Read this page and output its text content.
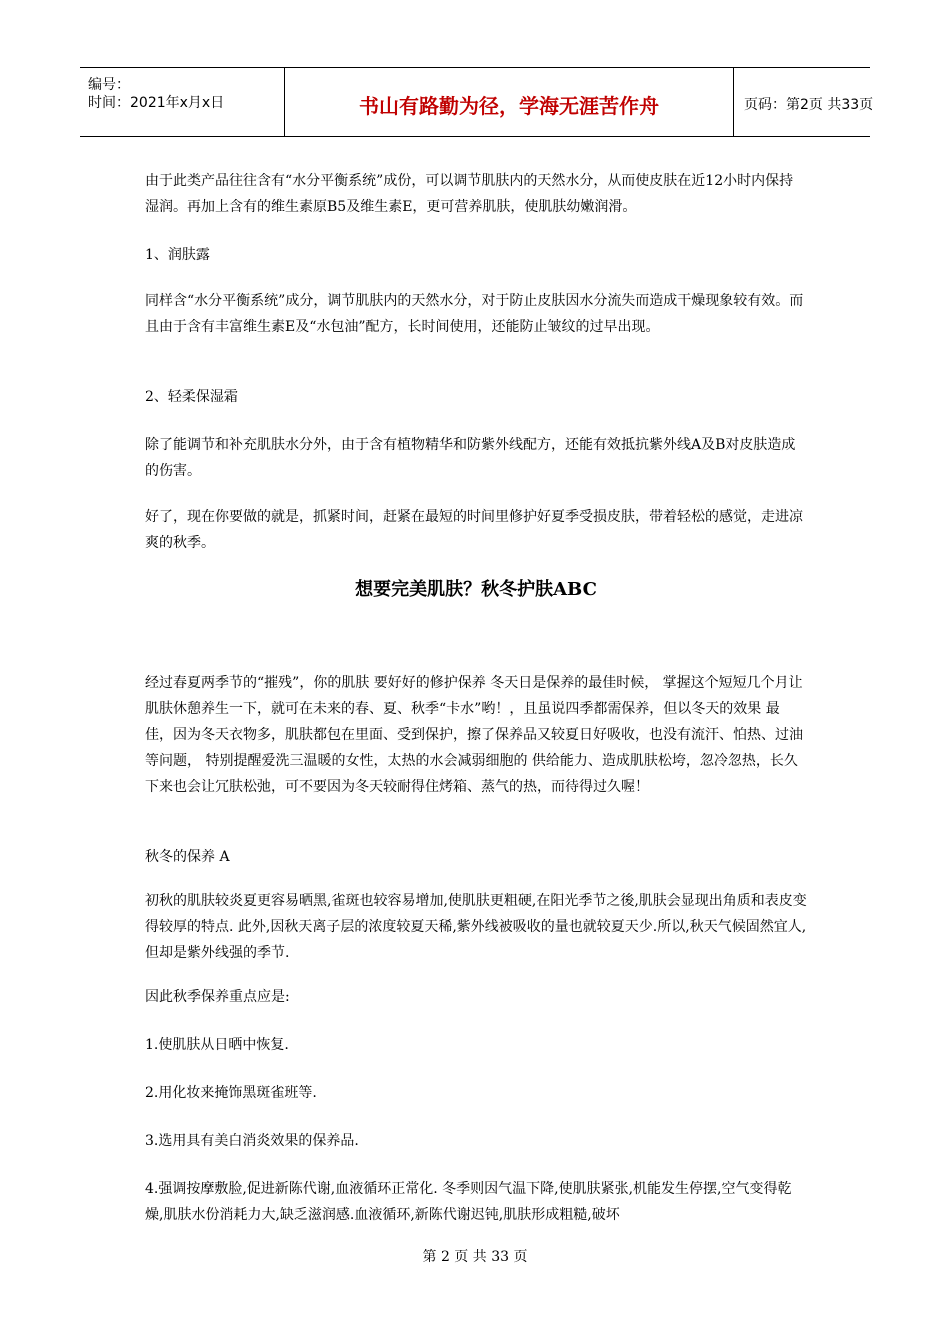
编号：
时间：2021年x月x日	书山有路勤为径，学海无涯苦作舟	页码：第2页 共33页

由于此类产品往往含有“水分平衡系统”成份，可以调节肌肤内的天然水分，从而使皮肤在近12小时内保持湿润。再加上含有的维生素原B5及维生素E，更可营养肌肤，使肌肤幼嫩润滑。

1、润肤露

同样含“水分平衡系统”成分，调节肌肤内的天然水分，对于防止皮肤因水分流失而造成干燥现象较有效。而且由于含有丰富维生素E及“水包油”配方，长时间使用，还能防止皱纹的过早出现。

2、轻柔保湿霜

除了能调节和补充肌肤水分外，由于含有植物精华和防紫外线配方，还能有效抵抗紫外线A及B对皮肤造成的伤害。

好了，现在你要做的就是，抓紧时间，赶紧在最短的时间里修护好夏季受损皮肤，带着轻松的感觉，走进凉爽的秋季。

想要完美肌肤？秋冬护肤ABC

经过春夏两季节的“摧残”，你的肌肤 要好好的修护保养 冬天日是保养的最佳时候， 掌握这个短短几个月让肌肤休憩养生一下，就可在未来的春、夏、秋季“卡水”哟！，且虽说四季都需保养，但以冬天的效果 最佳，因为冬天衣物多，肌肤都包在里面、受到保护，擦了保养品又较夏日好吸收，也没有流汗、怕热、过油等问题， 特别提醒爱洗三温暖的女性，太热的水会减弱细胞的 供给能力、造成肌肤松垮，忽冷忽热，长久下来也会让冗肤松弛，可不要因为冬天较耐得住烤箱、蒸气的热，而待得过久喔！

秋冬的保养 A

初秋的肌肤较炎夏更容易晒黑,雀斑也较容易增加,使肌肤更粗硬,在阳光季节之後,肌肤会显现出角质和表皮变得较厚的特点. 此外,因秋天离子层的浓度较夏天稀,紫外线被吸收的量也就较夏天少.所以,秋天气候固然宜人,但却是紫外线强的季节.

因此秋季保养重点应是:

1.使肌肤从日晒中恢复.

2.用化妆来掩饰黑斑雀班等.

3.选用具有美白消炎效果的保养品.

4.强调按摩敷脸,促进新陈代谢,血液循环正常化. 冬季则因气温下降,使肌肤紧张,机能发生停摆,空气变得乾燥,肌肤水份消耗力大,缺乏滋润感.血液循环,新陈代谢迟钝,肌肤形成粗糙,破坏

第 2 页 共 33 页
